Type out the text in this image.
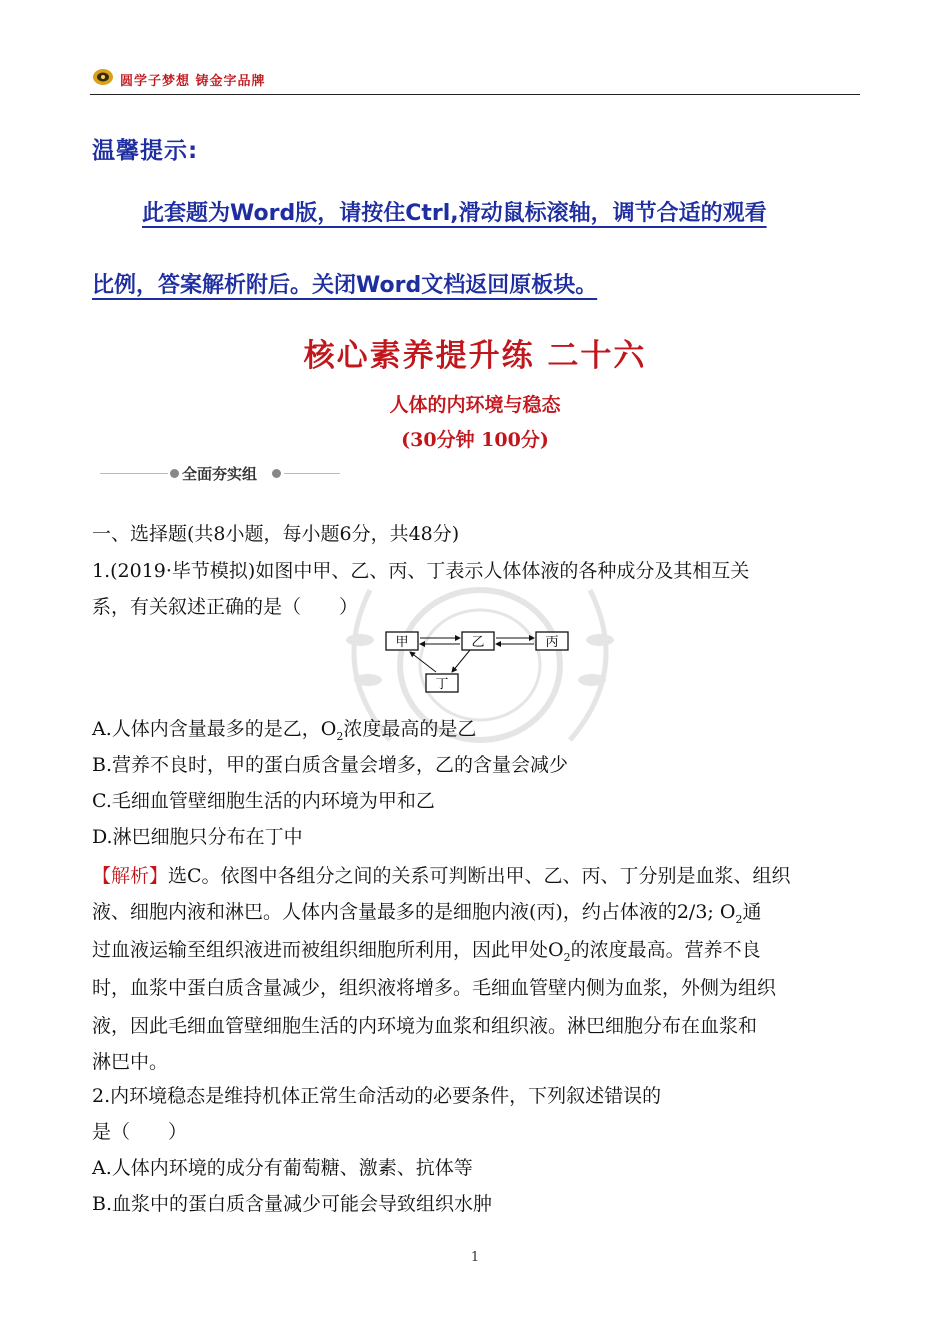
圆学子梦想 铸金字品牌
温馨提示:
此套题为Word版，请按住Ctrl,滑动鼠标滚轴，调节合适的观看
比例，答案解析附后。关闭Word文档返回原板块。
核心素养提升练 二十六
人体的内环境与稳态
(30分钟 100分)
全面夯实组
一、选择题(共8小题，每小题6分，共48分)
1.(2019·毕节模拟)如图中甲、乙、丙、丁表示人体体液的各种成分及其相互关
系，有关叙述正确的是（　　）
甲	乙	丙
丁
A.人体内含量最多的是乙，$O_2$浓度最高的是乙
B.营养不良时，甲的蛋白质含量会增多，乙的含量会减少
C.毛细血管壁细胞生活的内环境为甲和乙
D.淋巴细胞只分布在丁中
【解析】选C。依图中各组分之间的关系可判断出甲、乙、丙、丁分别是血浆、组织
液、细胞内液和淋巴。人体内含量最多的是细胞内液(丙)，约占体液的2/3; $O_2$通
过血液运输至组织液进而被组织细胞所利用，因此甲处$O_2$的浓度最高。营养不良
时，血浆中蛋白质含量减少，组织液将增多。毛细血管壁内侧为血浆，外侧为组织
液，因此毛细血管壁细胞生活的内环境为血浆和组织液。淋巴细胞分布在血浆和
淋巴中。
2.内环境稳态是维持机体正常生命活动的必要条件，下列叙述错误的
是（　　）
A.人体内环境的成分有葡萄糖、激素、抗体等
B.血浆中的蛋白质含量减少可能会导致组织水肿
1
